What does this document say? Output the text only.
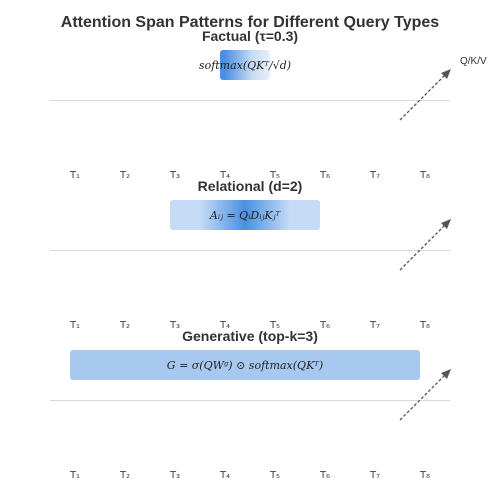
Attention Span Patterns for Different Query Types
Q/K/V
Factual (τ=0.3)
softmax(QKᵀ/√d)
T₁	T₂	T₃	T₄	T₅	T₆	T₇	T₈
Relational (d=2)
Aᵢⱼ = QᵢDᵢⱼKⱼᵀ
T₁	T₂	T₃	T₄	T₅	T₆	T₇	T₈
Generative (top-k=3)
G = σ(QWᵍ) ⊙ softmax(QKᵀ)
T₁	T₂	T₃	T₄	T₅	T₆	T₇	T₈
